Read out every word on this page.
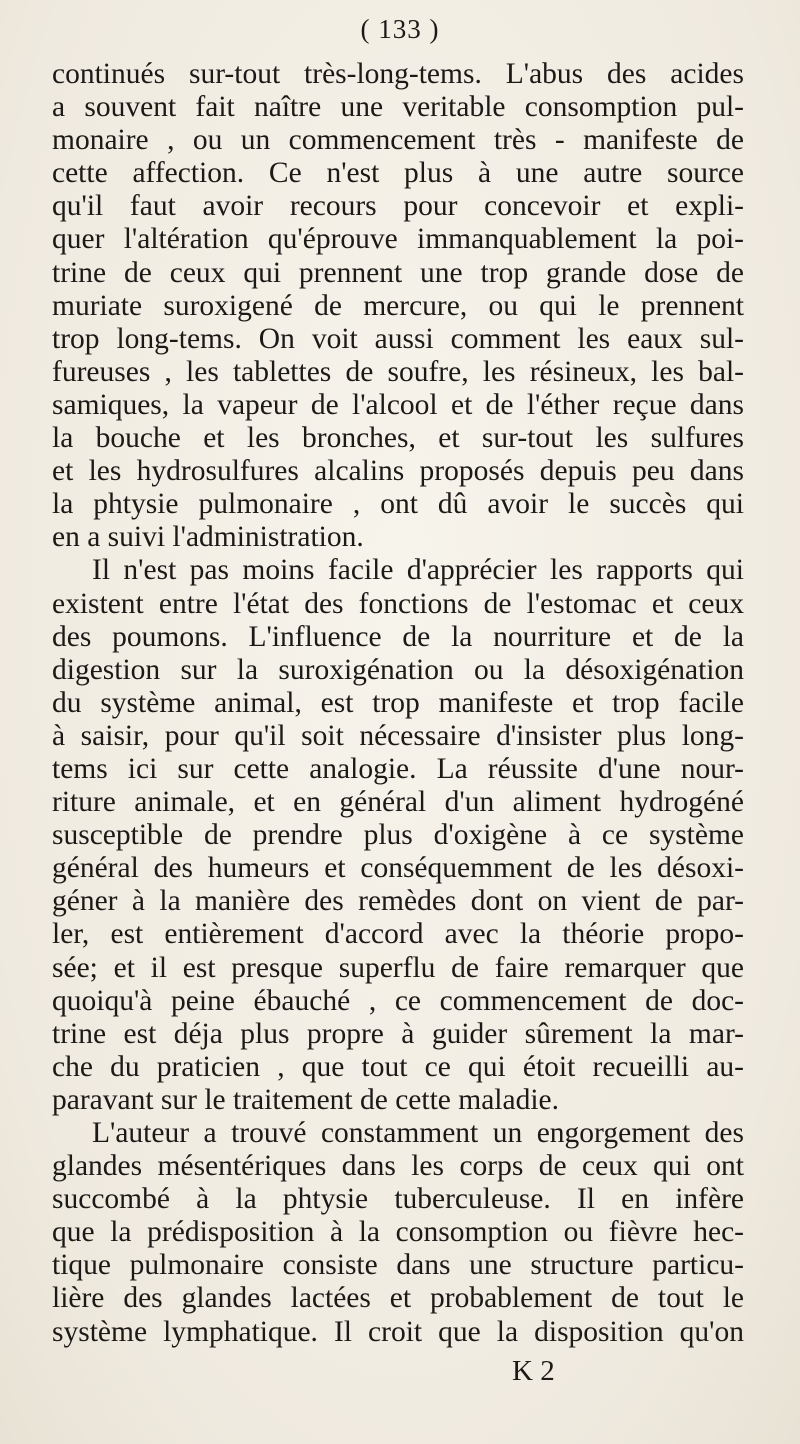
( 133 )
continués sur-tout très-long-tems. L'abus des acides
a souvent fait naître une veritable consomption pul-
monaire , ou un commencement très - manifeste de
cette affection. Ce n'est plus à une autre source
qu'il faut avoir recours pour concevoir et expli-
quer l'altération qu'éprouve immanquablement la poi-
trine de ceux qui prennent une trop grande dose de
muriate suroxigené de mercure, ou qui le prennent
trop long-tems. On voit aussi comment les eaux sul-
fureuses , les tablettes de soufre, les résineux, les bal-
samiques, la vapeur de l'alcool et de l'éther reçue dans
la bouche et les bronches, et sur-tout les sulfures
et les hydrosulfures alcalins proposés depuis peu dans
la phtysie pulmonaire , ont dû avoir le succès qui
en a suivi l'administration.
Il n'est pas moins facile d'apprécier les rapports qui
existent entre l'état des fonctions de l'estomac et ceux
des poumons. L'influence de la nourriture et de la
digestion sur la suroxigénation ou la désoxigénation
du système animal, est trop manifeste et trop facile
à saisir, pour qu'il soit nécessaire d'insister plus long-
tems ici sur cette analogie. La réussite d'une nour-
riture animale, et en général d'un aliment hydrogéné
susceptible de prendre plus d'oxigène à ce système
général des humeurs et conséquemment de les désoxi-
géner à la manière des remèdes dont on vient de par-
ler, est entièrement d'accord avec la théorie propo-
sée; et il est presque superflu de faire remarquer que
quoiqu'à peine ébauché , ce commencement de doc-
trine est déja plus propre à guider sûrement la mar-
che du praticien , que tout ce qui étoit recueilli au-
paravant sur le traitement de cette maladie.
L'auteur a trouvé constamment un engorgement des
glandes mésentériques dans les corps de ceux qui ont
succombé à la phtysie tuberculeuse. Il en infère
que la prédisposition à la consomption ou fièvre hec-
tique pulmonaire consiste dans une structure particu-
lière des glandes lactées et probablement de tout le
système lymphatique. Il croit que la disposition qu'on
K 2
